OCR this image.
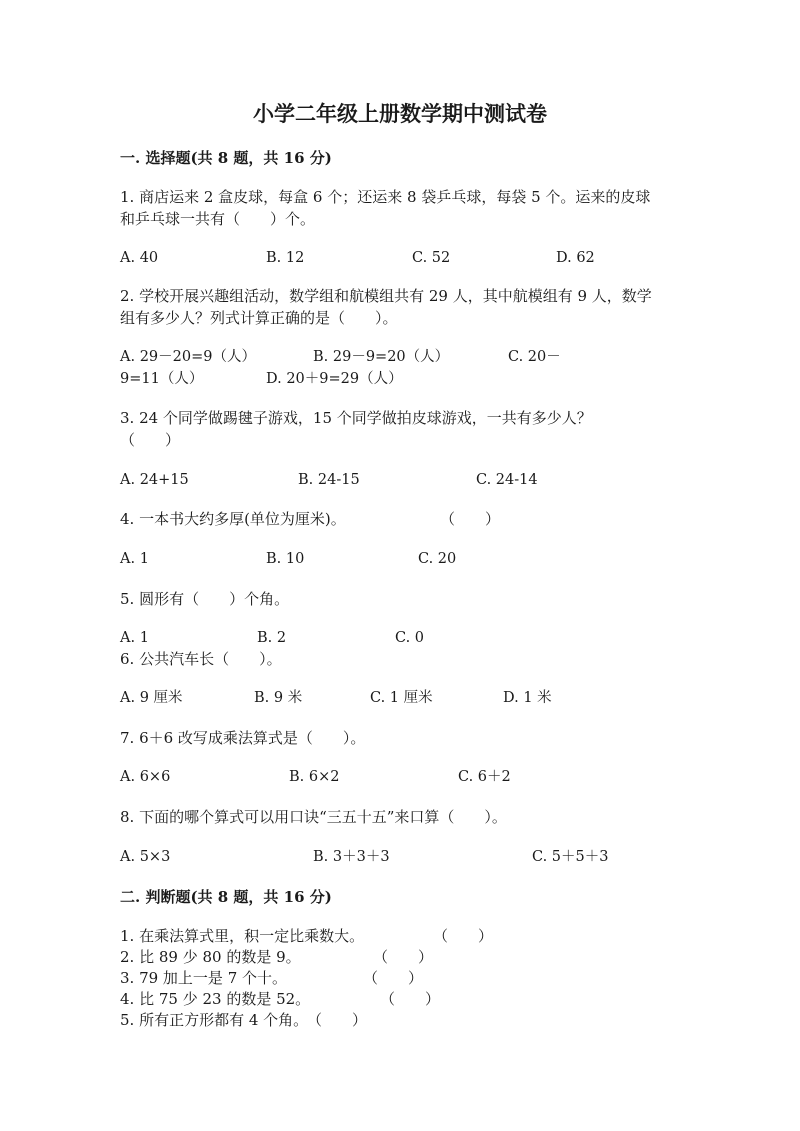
小学二年级上册数学期中测试卷
一. 选择题(共 8 题，共 16 分)
1. 商店运来 2 盒皮球，每盒 6 个；还运来 8 袋乒乓球，每袋 5 个。运来的皮球
和乒乓球一共有（　　）个。
A. 40	B. 12	C. 52	D. 62
2. 学校开展兴趣组活动，数学组和航模组共有 29 人，其中航模组有 9 人，数学
组有多少人？列式计算正确的是（　　）。
A. 29－20=9（人）	B. 29－9=20（人）	C. 20－
9=11（人）	D. 20＋9=29（人）
3. 24 个同学做踢毽子游戏，15 个同学做拍皮球游戏，一共有多少人？
（　　）
A. 24+15	B. 24-15	C. 24-14
4. 一本书大约多厚(单位为厘米)。	（　　）
A. 1	B. 10	C. 20
5. 圆形有（　　）个角。
A. 1	B. 2	C. 0
6. 公共汽车长（　　）。
A. 9 厘米	B. 9 米	C. 1 厘米	D. 1 米
7. 6＋6 改写成乘法算式是（　　）。
A. 6×6	B. 6×2	C. 6＋2
8. 下面的哪个算式可以用口诀“三五十五”来口算（　　）。
A. 5×3	B. 3＋3＋3	C. 5＋5＋3
二. 判断题(共 8 题，共 16 分)
1. 在乘法算式里，积一定比乘数大。	（　　）
2. 比 89 少 80 的数是 9。	（　　）
3. 79 加上一是 7 个十。	（　　）
4. 比 75 少 23 的数是 52。	（　　）
5. 所有正方形都有 4 个角。
（　　）
